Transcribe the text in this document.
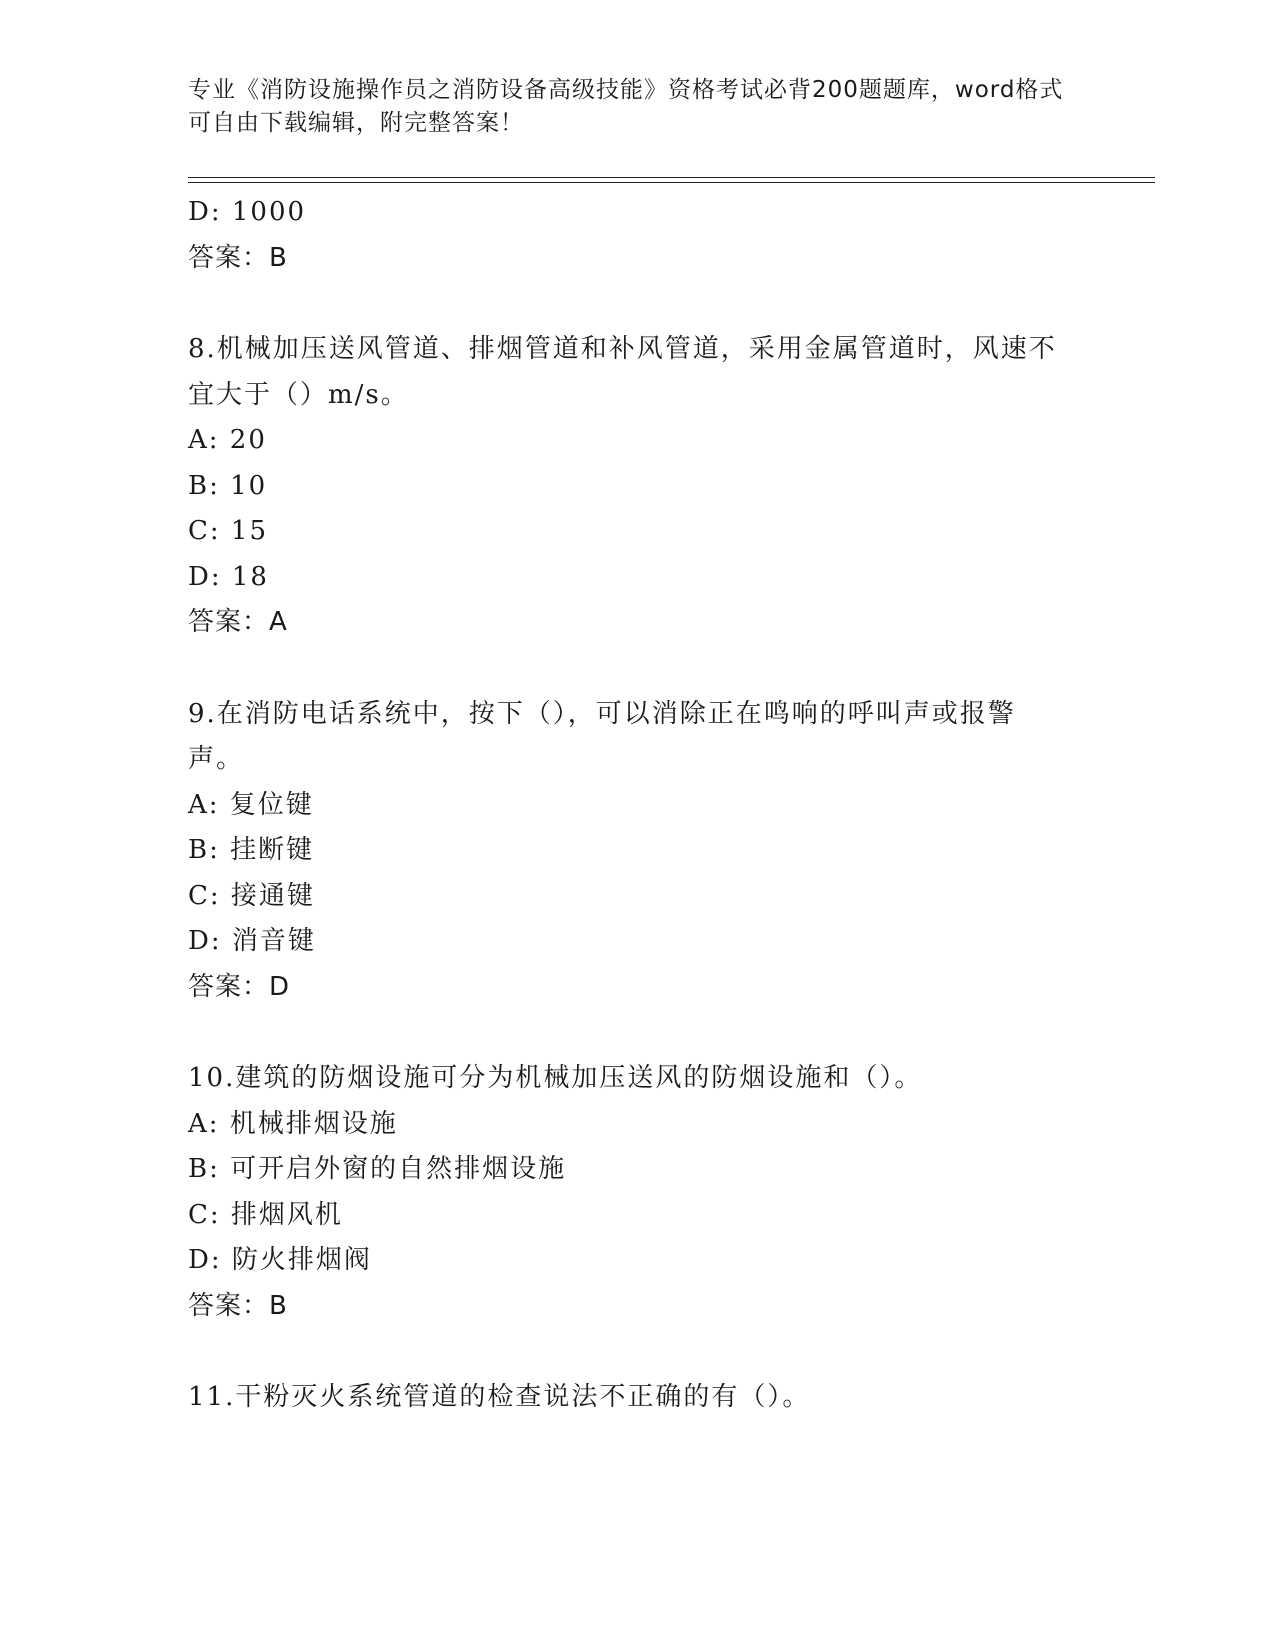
专业《消防设施操作员之消防设备高级技能》资格考试必背200题题库，word格式可自由下载编辑，附完整答案！
D: 1000
答案：B
8.机械加压送风管道、排烟管道和补风管道，采用金属管道时，风速不宜大于（）m/s。
A: 20
B: 10
C: 15
D: 18
答案：A
9.在消防电话系统中，按下（），可以消除正在鸣响的呼叫声或报警声。
A: 复位键
B: 挂断键
C: 接通键
D: 消音键
答案：D
10.建筑的防烟设施可分为机械加压送风的防烟设施和（）。
A: 机械排烟设施
B: 可开启外窗的自然排烟设施
C: 排烟风机
D: 防火排烟阀
答案：B
11.干粉灭火系统管道的检查说法不正确的有（）。
